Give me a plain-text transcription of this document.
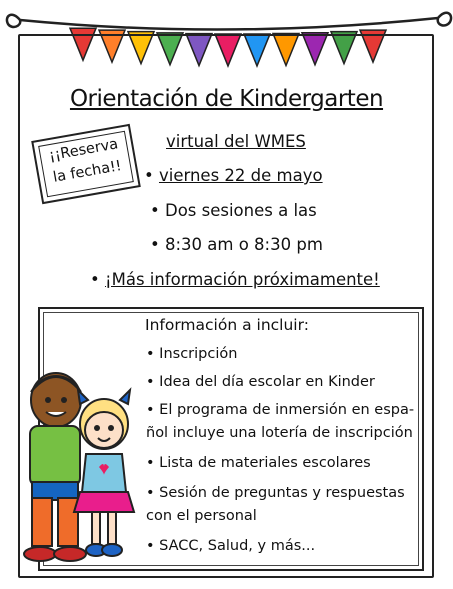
Orientación de Kindergarten
¡¡Reserva
la fecha!!
virtual del WMES
• viernes 22 de mayo
• Dos sesiones a las
• 8:30 am o 8:30 pm
• ¡Más información próximamente!
Información a incluir:
• Inscripción
• Idea del día escolar en Kinder
• El programa de inmersión en espa-
ñol incluye una lotería de inscripción
• Lista de materiales escolares
• Sesión de preguntas y respuestas
con el personal
• SACC, Salud, y más...
